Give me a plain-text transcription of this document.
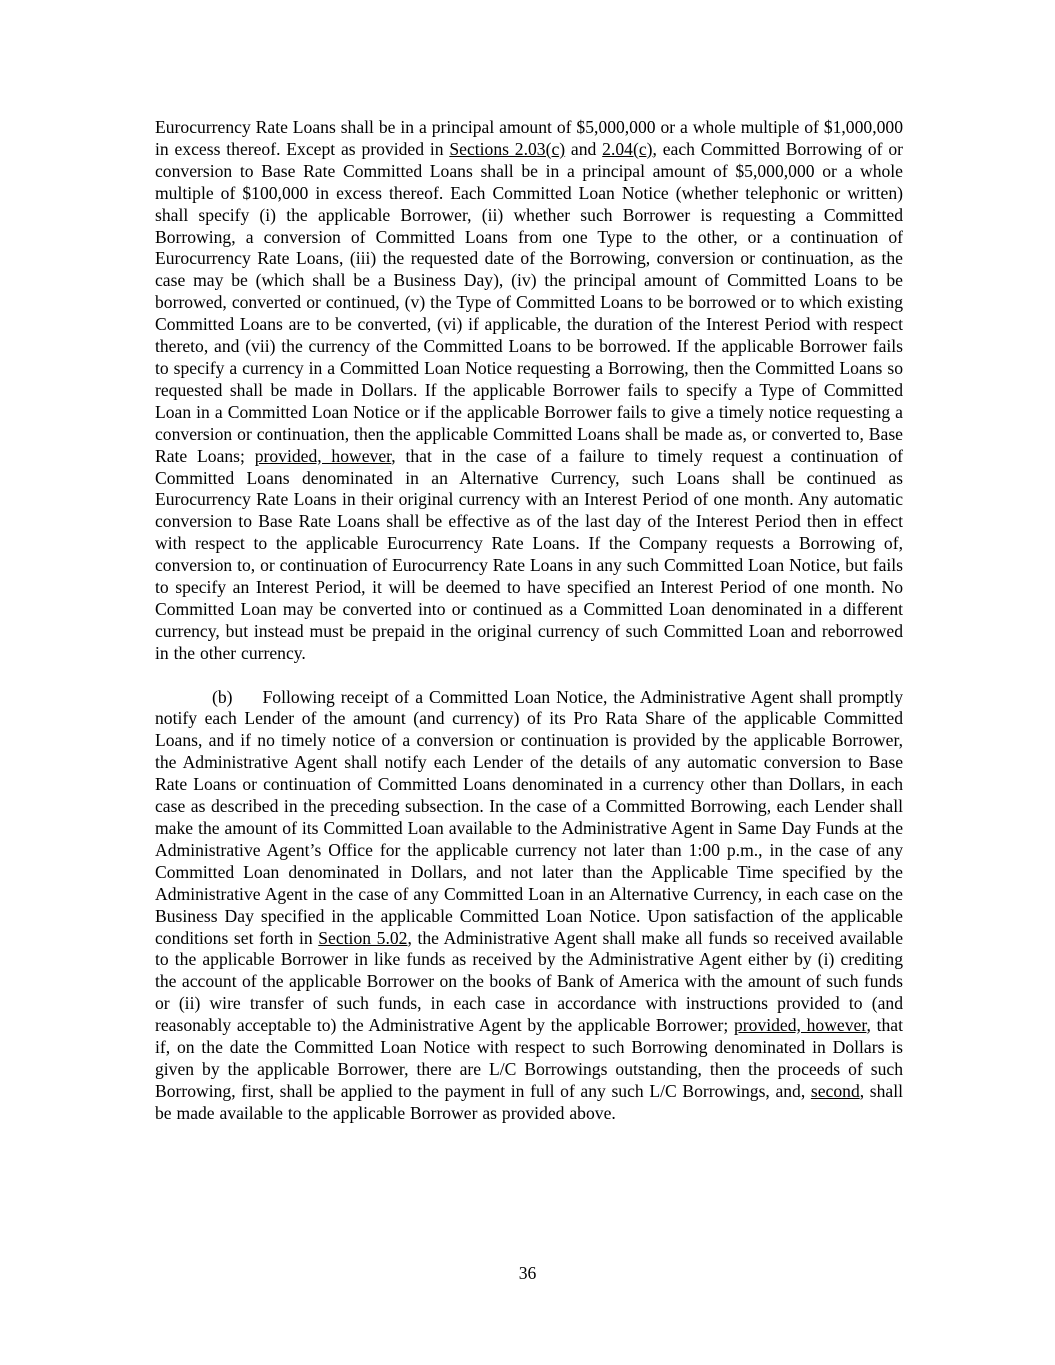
Eurocurrency Rate Loans shall be in a principal amount of $5,000,000 or a whole multiple of $1,000,000 in excess thereof. Except as provided in Sections 2.03(c) and 2.04(c), each Committed Borrowing of or conversion to Base Rate Committed Loans shall be in a principal amount of $5,000,000 or a whole multiple of $100,000 in excess thereof. Each Committed Loan Notice (whether telephonic or written) shall specify (i) the applicable Borrower, (ii) whether such Borrower is requesting a Committed Borrowing, a conversion of Committed Loans from one Type to the other, or a continuation of Eurocurrency Rate Loans, (iii) the requested date of the Borrowing, conversion or continuation, as the case may be (which shall be a Business Day), (iv) the principal amount of Committed Loans to be borrowed, converted or continued, (v) the Type of Committed Loans to be borrowed or to which existing Committed Loans are to be converted, (vi) if applicable, the duration of the Interest Period with respect thereto, and (vii) the currency of the Committed Loans to be borrowed. If the applicable Borrower fails to specify a currency in a Committed Loan Notice requesting a Borrowing, then the Committed Loans so requested shall be made in Dollars. If the applicable Borrower fails to specify a Type of Committed Loan in a Committed Loan Notice or if the applicable Borrower fails to give a timely notice requesting a conversion or continuation, then the applicable Committed Loans shall be made as, or converted to, Base Rate Loans; provided, however, that in the case of a failure to timely request a continuation of Committed Loans denominated in an Alternative Currency, such Loans shall be continued as Eurocurrency Rate Loans in their original currency with an Interest Period of one month. Any automatic conversion to Base Rate Loans shall be effective as of the last day of the Interest Period then in effect with respect to the applicable Eurocurrency Rate Loans. If the Company requests a Borrowing of, conversion to, or continuation of Eurocurrency Rate Loans in any such Committed Loan Notice, but fails to specify an Interest Period, it will be deemed to have specified an Interest Period of one month. No Committed Loan may be converted into or continued as a Committed Loan denominated in a different currency, but instead must be prepaid in the original currency of such Committed Loan and reborrowed in the other currency.

(b) Following receipt of a Committed Loan Notice, the Administrative Agent shall promptly notify each Lender of the amount (and currency) of its Pro Rata Share of the applicable Committed Loans, and if no timely notice of a conversion or continuation is provided by the applicable Borrower, the Administrative Agent shall notify each Lender of the details of any automatic conversion to Base Rate Loans or continuation of Committed Loans denominated in a currency other than Dollars, in each case as described in the preceding subsection. In the case of a Committed Borrowing, each Lender shall make the amount of its Committed Loan available to the Administrative Agent in Same Day Funds at the Administrative Agent’s Office for the applicable currency not later than 1:00 p.m., in the case of any Committed Loan denominated in Dollars, and not later than the Applicable Time specified by the Administrative Agent in the case of any Committed Loan in an Alternative Currency, in each case on the Business Day specified in the applicable Committed Loan Notice. Upon satisfaction of the applicable conditions set forth in Section 5.02, the Administrative Agent shall make all funds so received available to the applicable Borrower in like funds as received by the Administrative Agent either by (i) crediting the account of the applicable Borrower on the books of Bank of America with the amount of such funds or (ii) wire transfer of such funds, in each case in accordance with instructions provided to (and reasonably acceptable to) the Administrative Agent by the applicable Borrower; provided, however, that if, on the date the Committed Loan Notice with respect to such Borrowing denominated in Dollars is given by the applicable Borrower, there are L/C Borrowings outstanding, then the proceeds of such Borrowing, first, shall be applied to the payment in full of any such L/C Borrowings, and, second, shall be made available to the applicable Borrower as provided above.

36
